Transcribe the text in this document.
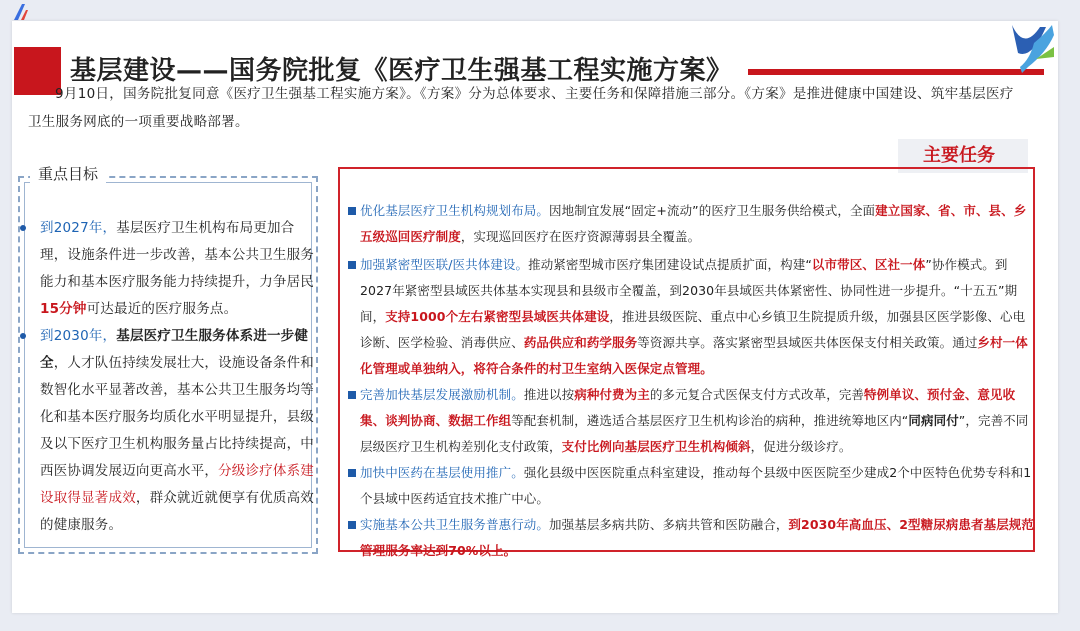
基层建设——国务院批复《医疗卫生强基工程实施方案》
9月10日，国务院批复同意《医疗卫生强基工程实施方案》。《方案》分为总体要求、主要任务和保障措施三部分。《方案》是推进健康中国建设、筑牢基层医疗卫生服务网底的一项重要战略部署。
重点目标
到2027年，基层医疗卫生机构布局更加合理，设施条件进一步改善，基本公共卫生服务能力和基本医疗服务能力持续提升，力争居民15分钟可达最近的医疗服务点。
到2030年，基层医疗卫生服务体系进一步健全，人才队伍持续发展壮大，设施设备条件和数智化水平显著改善，基本公共卫生服务均等化和基本医疗服务均质化水平明显提升，县级及以下医疗卫生机构服务量占比持续提高，中西医协调发展迈向更高水平，分级诊疗体系建设取得显著成效，群众就近就便享有优质高效的健康服务。
主要任务
优化基层医疗卫生机构规划布局。因地制宜发展“固定+流动”的医疗卫生服务供给模式，全面建立国家、省、市、县、乡五级巡回医疗制度，实现巡回医疗在医疗资源薄弱县全覆盖。
加强紧密型医联/医共体建设。推动紧密型城市医疗集团建设试点提质扩面，构建“以市带区、区社一体”协作模式。到2027年紧密型县域医共体基本实现县和县级市全覆盖，到2030年县域医共体紧密性、协同性进一步提升。“十五五”期间，支持1000个左右紧密型县域医共体建设，推进县级医院、重点中心乡镇卫生院提质升级，加强县区医学影像、心电诊断、医学检验、消毒供应、药品供应和药学服务等资源共享。落实紧密型县域医共体医保支付相关政策。通过乡村一体化管理或单独纳入，将符合条件的村卫生室纳入医保定点管理。
完善加快基层发展激励机制。推进以按病种付费为主的多元复合式医保支付方式改革，完善特例单议、预付金、意见收集、谈判协商、数据工作组等配套机制，遴选适合基层医疗卫生机构诊治的病种，推进统筹地区内“同病同付”，完善不同层级医疗卫生机构差别化支付政策，支付比例向基层医疗卫生机构倾斜，促进分级诊疗。
加快中医药在基层使用推广。强化县级中医医院重点科室建设，推动每个县级中医医院至少建成2个中医特色优势专科和1个县域中医药适宜技术推广中心。
实施基本公共卫生服务普惠行动。加强基层多病共防、多病共管和医防融合，到2030年高血压、2型糖尿病患者基层规范管理服务率达到70%以上。
